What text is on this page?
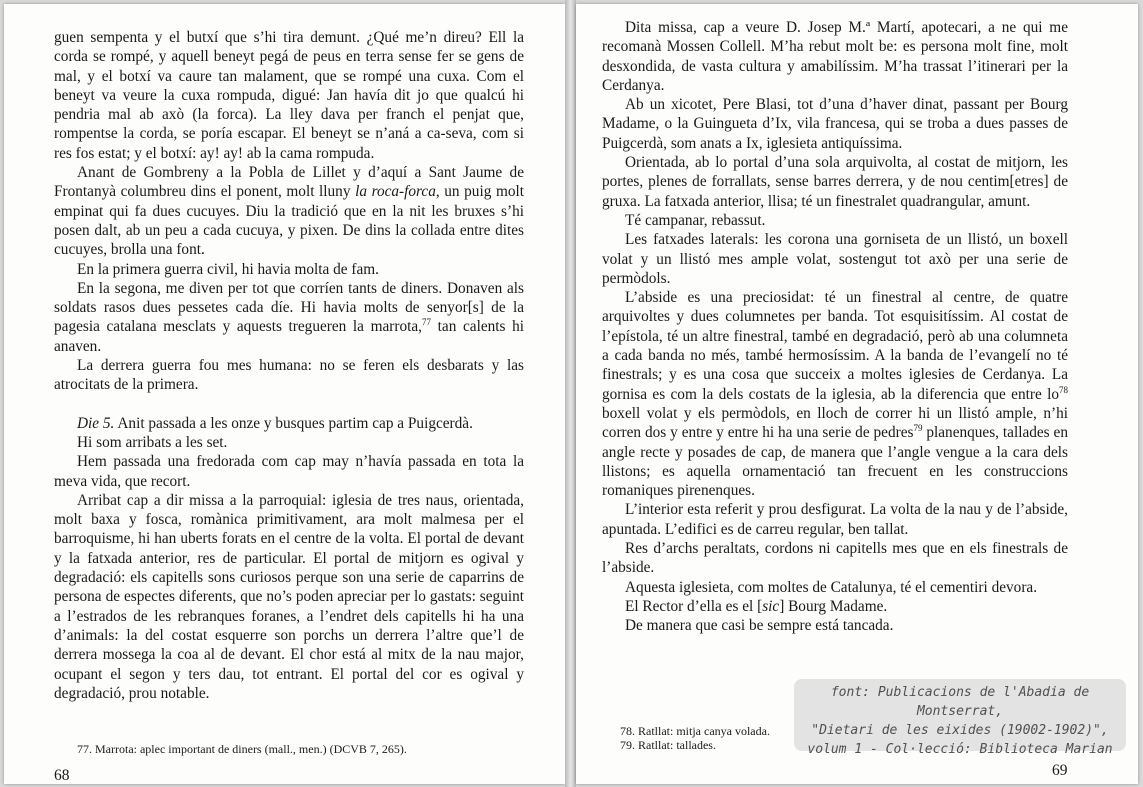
guen sempenta y el butxí que s’hi tira demunt. ¿Qué me’n direu? Ell la corda se rompé, y aquell beneyt pegá de peus en terra sense fer se gens de mal, y el botxí va caure tan malament, que se rompé una cuxa. Com el beneyt va veure la cuxa rompuda, digué: Jan havía dit jo que qualcú hi pendria mal ab axò (la forca). La lley dava per franch el penjat que, rompentse la corda, se poría escapar. El beneyt se n’aná a ca-seva, com si res fos estat; y el botxí: ay! ay! ab la cama rompuda.

Anant de Gombreny a la Pobla de Lillet y d’aquí a Sant Jaume de Frontanyà columbreu dins el ponent, molt lluny la roca-forca, un puig molt empinat qui fa dues cucuyes. Diu la tradició que en la nit les bruxes s’hi posen dalt, ab un peu a cada cucuya, y pixen. De dins la collada entre dites cucuyes, brolla una font.

En la primera guerra civil, hi havia molta de fam.

En la segona, me diven per tot que corríen tants de diners. Donaven als soldats rasos dues pessetes cada díe. Hi havia molts de senyor[s] de la pagesia catalana mesclats y aquests tregueren la marrota,$^{77}$ tan calents hi anaven.

La derrera guerra fou mes humana: no se feren els desbarats y las atrocitats de la primera.

Die 5. Anit passada a les onze y busques partim cap a Puigcerdà.

Hi som arribats a les set.

Hem passada una fredorada com cap may n’havía passada en tota la meva vida, que recort.

Arribat cap a dir missa a la parroquial: iglesia de tres naus, orientada, molt baxa y fosca, romànica primitivament, ara molt malmesa per el barroquisme, hi han uberts forats en el centre de la volta. El portal de devant y la fatxada anterior, res de particular. El portal de mitjorn es ogival y degradació: els capitells sons curiosos perque son una serie de caparrins de persona de espectes diferents, que no’s poden apreciar per lo gastats: seguint a l’estrados de les rebranques foranes, a l’endret dels capitells hi ha una d’animals: la del costat esquerre son porchs un derrera l’altre que’l de derrera mossega la coa al de devant. El chor está al mitx de la nau major, ocupant el segon y ters dau, tot entrant. El portal del cor es ogival y degradació, prou notable.

77. Marrota: aplec important de diners (mall., men.) (DCVB 7, 265).

68

Dita missa, cap a veure D. Josep M.ª Martí, apotecari, a ne qui me recomanà Mossen Collell. M’ha rebut molt be: es persona molt fine, molt desxondida, de vasta cultura y amabilíssim. M’ha trassat l’itinerari per la Cerdanya.

Ab un xicotet, Pere Blasi, tot d’una d’haver dinat, passant per Bourg Madame, o la Guingueta d’Ix, vila francesa, qui se troba a dues passes de Puigcerdà, som anats a Ix, iglesieta antiquíssima.

Orientada, ab lo portal d’una sola arquivolta, al costat de mitjorn, les portes, plenes de forrallats, sense barres derrera, y de nou centim[etres] de gruxa. La fatxada anterior, llisa; té un finestralet quadrangular, amunt.

Té campanar, rebassut.

Les fatxades laterals: les corona una gorniseta de un llistó, un boxell volat y un llistó mes ample volat, sostengut tot axò per una serie de permòdols.

L’abside es una preciosidat: té un finestral al centre, de quatre arquivoltes y dues columnetes per banda. Tot esquisitíssim. Al costat de l’epístola, té un altre finestral, també en degradació, però ab una columneta a cada banda no més, també hermosíssim. A la banda de l’evangelí no té finestrals; y es una cosa que succeix a moltes iglesies de Cerdanya. La gornisa es com la dels costats de la iglesia, ab la diferencia que entre $lo^{78}$ boxell volat y els permòdols, en lloch de correr hi un llistó ample, n’hi corren dos y entre y entre hi ha una serie de pedres$^{79}$ planenques, tallades en angle recte y posades de cap, de manera que l’angle vengue a la cara dels llistons; es aquella ornamentació tan frecuent en les construccions romaniques pirenenques.

L’interior esta referit y prou desfigurat. La volta de la nau y de l’abside, apuntada. L’edifici es de carreu regular, ben tallat.

Res d’archs peraltats, cordons ni capitells mes que en els finestrals de l’abside.

Aquesta iglesieta, com moltes de Catalunya, té el cementiri devora.

El Rector d’ella es el [sic] Bourg Madame.

De manera que casi be sempre está tancada.

78. Ratllat: mitja canya volada.

79. Ratllat: tallades.

69
font: Publicacions de l'Abadia de Montserrat,
"Dietari de les eixides (19002-1902)",
volum 1 - Col·lecció: Biblioteca Marian
